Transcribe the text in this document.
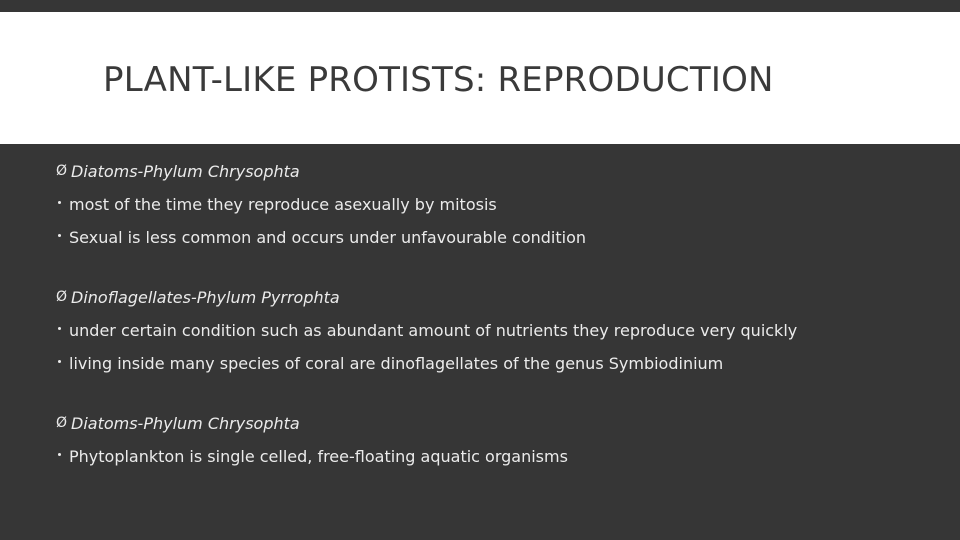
PLANT-LIKE PROTISTS: REPRODUCTION
Ø Diatoms-Phylum Chrysophta
most of the time they reproduce asexually by mitosis
Sexual is less common and occurs under unfavourable condition
Ø Dinoflagellates-Phylum Pyrrophta
under certain condition such as abundant amount of nutrients they reproduce very quickly
living inside many species of coral are dinoflagellates of the genus Symbiodinium
Ø Diatoms-Phylum Chrysophta
Phytoplankton is single celled, free-floating aquatic organisms
